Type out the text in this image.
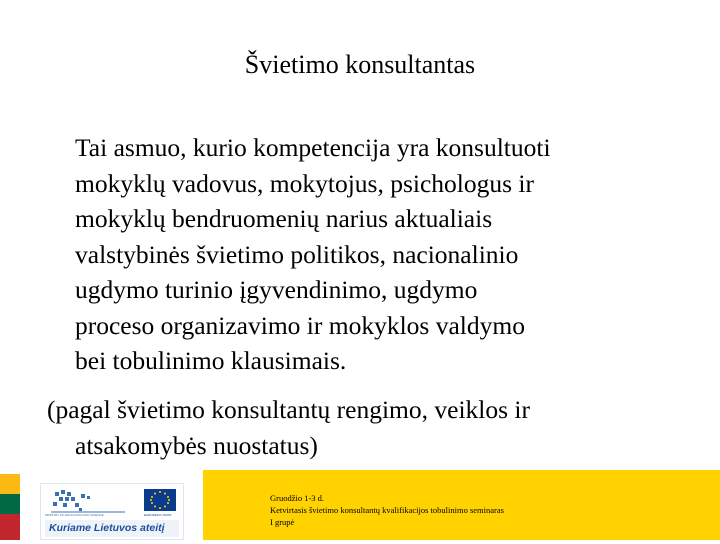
Švietimo konsultantas

Tai asmuo, kurio kompetencija yra konsultuoti

mokyklų vadovus, mokytojus, psichologus ir

mokyklų bendruomenių narius aktualiais

valstybinės švietimo politikos, nacionalinio

ugdymo turinio įgyvendinimo, ugdymo

proceso organizavimo ir mokyklos valdymo

bei tobulinimo klausimais.

(pagal švietimo konsultantų rengimo, veiklos ir
atsakomybės nuostatus)
MINISTRY OF EDUCATION AND SCIENCE	EUROPEAN UNION
Kuriame Lietuvos ateitį
Gruodžio 1-3 d.
Ketvirtasis švietimo konsultantų kvalifikacijos tobulinimo seminaras
I grupė
